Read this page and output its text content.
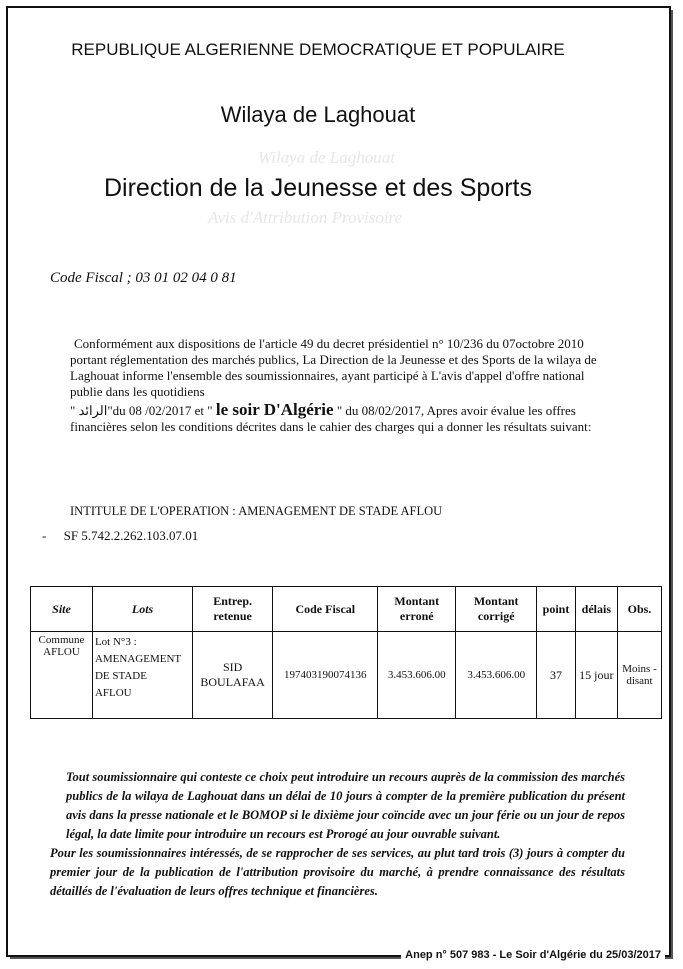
REPUBLIQUE ALGERIENNE DEMOCRATIQUE ET POPULAIRE
Wilaya de Laghouat
Wilaya de Laghouat
Avis d'Attribution Provisoire
Direction de la Jeunesse et des Sports
Code Fiscal ; 03 01 02 04 0 81
Conformément aux dispositions de l'article 49 du decret présidentiel n° 10/236 du 07octobre 2010
portant réglementation des marchés publics, La Direction de la Jeunesse et des Sports de la wilaya de
Laghouat informe l'ensemble des soumissionnaires, ayant participé à L'avis d'appel d'offre national
publie dans les quotidiens
" الرائد"du 08 /02/2017 et " le soir D'Algérie " du 08/02/2017, Apres avoir évalue les offres
financières selon les conditions décrites dans le cahier des charges qui a donner les résultats suivant:
INTITULE DE L'OPERATION : AMENAGEMENT DE STADE AFLOU
- SF 5.742.2.262.103.07.01
Site	Lots	Entrep. retenue	Code Fiscal	Montant erroné	Montant corrigé	point	délais	Obs.
Commune AFLOU	Lot N°3 :
AMENAGEMENT
DE STADE
AFLOU	SID BOULAFAA	197403190074136	3.453.606.00	3.453.606.00	37	15 jour	Moins - disant

Tout soumissionnaire qui conteste ce choix peut introduire un recours auprès de la commission des marchés publics de la wilaya de Laghouat dans un délai de 10 jours à compter de la première publication du présent avis dans la presse nationale et le BOMOP si le dixième jour coïncide avec un jour férie ou un jour de repos légal, la date limite pour introduire un recours est Prorogé au jour ouvrable suivant.

Pour les soumissionnaires intéressés, de se rapprocher de ses services, au plut tard trois (3) jours à compter du premier jour de la publication de l'attribution provisoire du marché, à prendre connaissance des résultats détaillés de l'évaluation de leurs offres technique et financières.

Anep n° 507 983 - Le Soir d'Algérie du 25/03/2017
